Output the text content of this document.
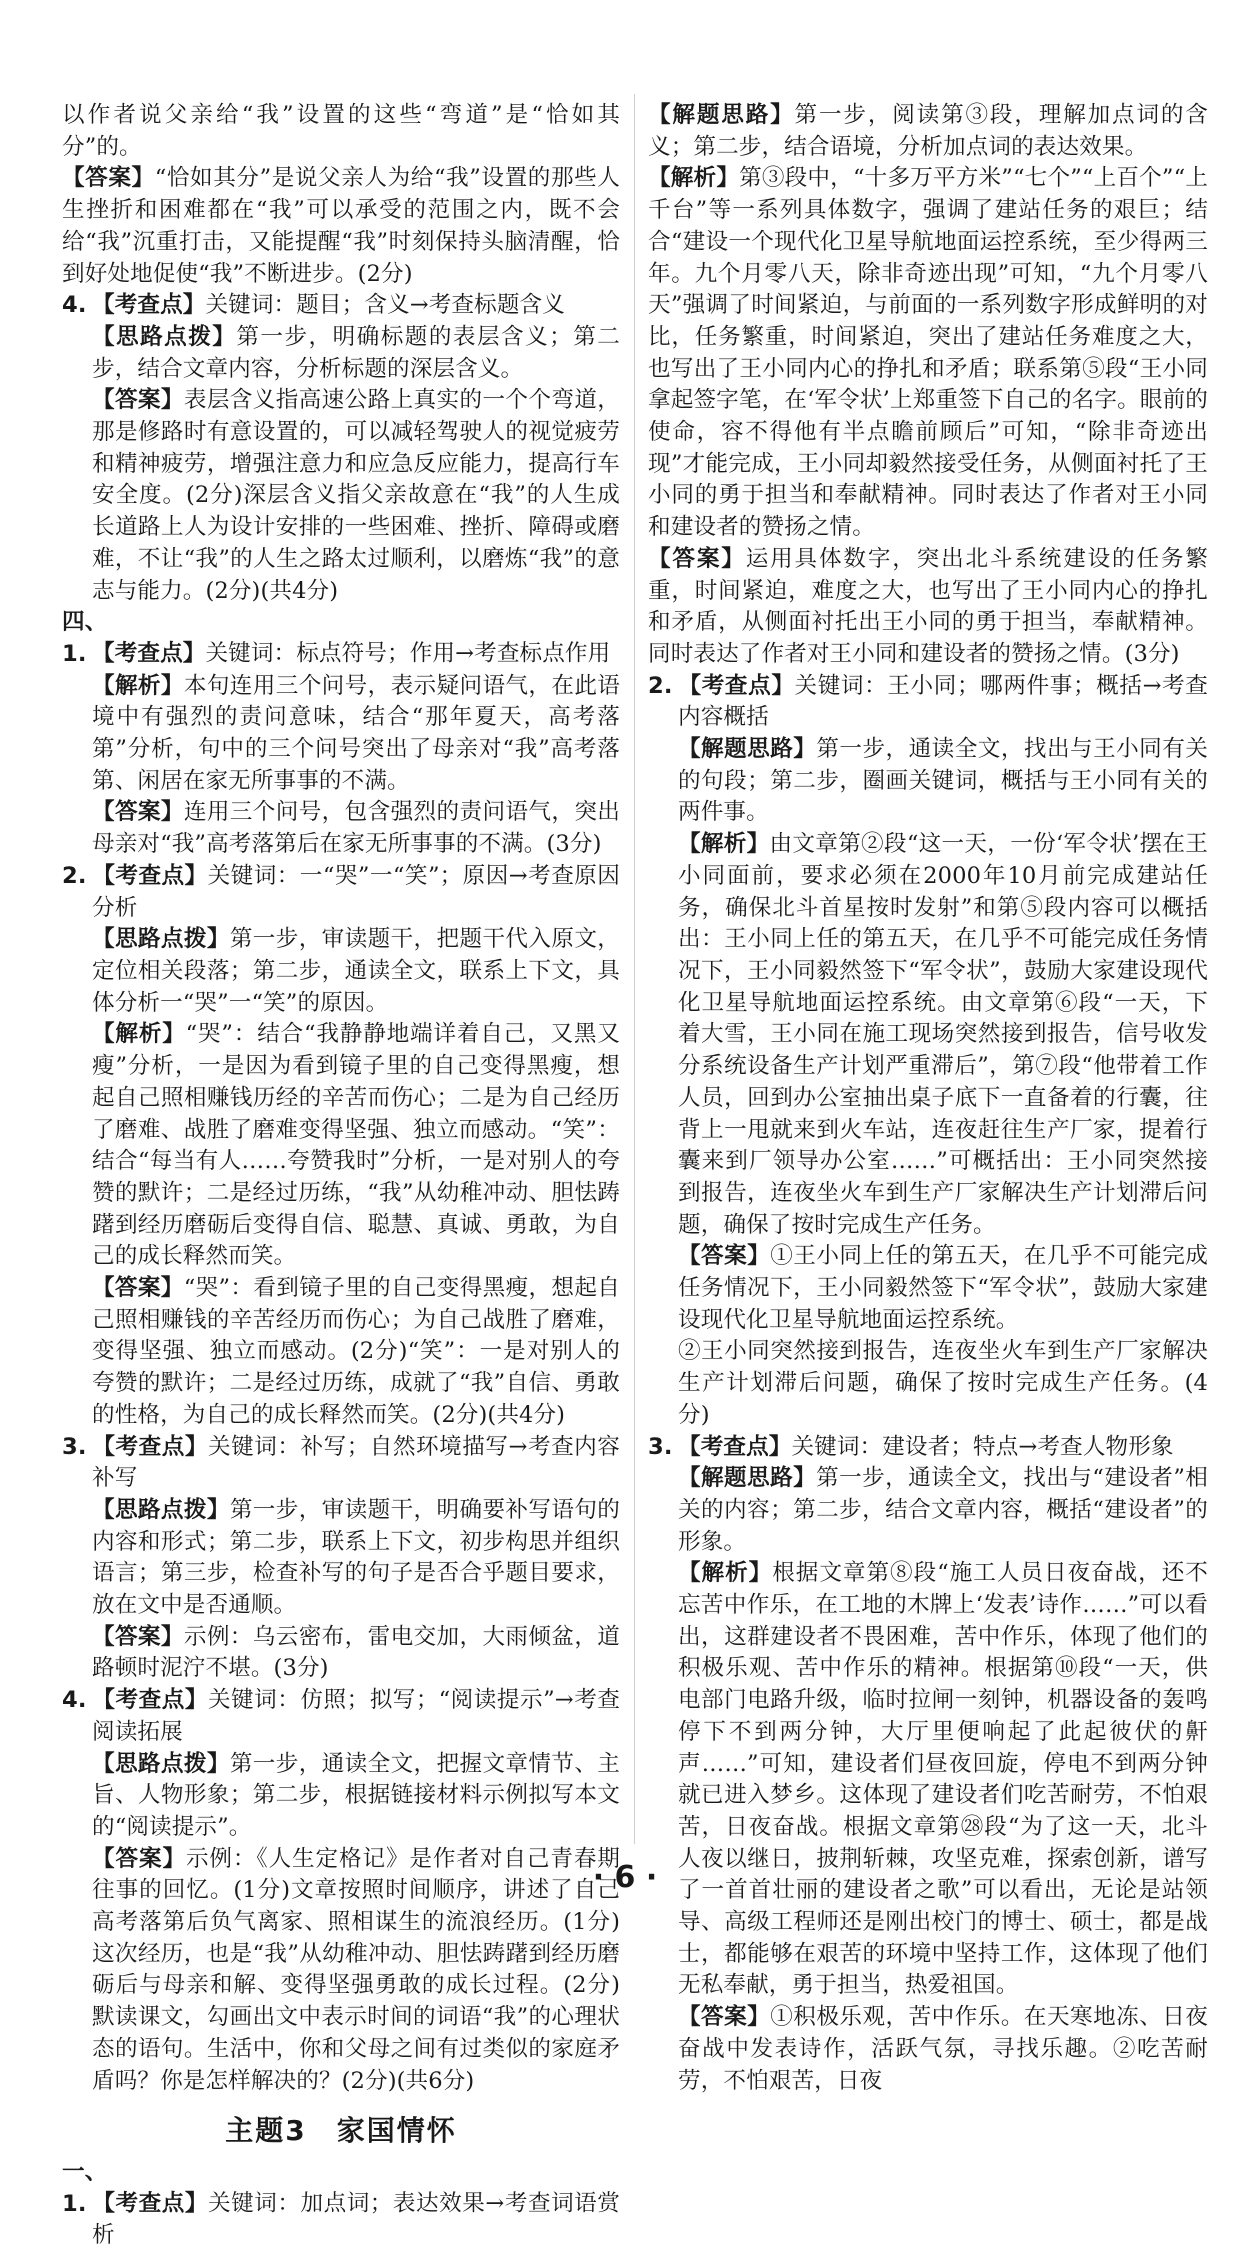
以作者说父亲给“我”设置的这些“弯道”是“恰如其分”的。

【答案】“恰如其分”是说父亲人为给“我”设置的那些人生挫折和困难都在“我”可以承受的范围之内，既不会给“我”沉重打击，又能提醒“我”时刻保持头脑清醒，恰到好处地促使“我”不断进步。(2分)

4. 【考查点】关键词：题目；含义→考查标题含义

【思路点拨】第一步，明确标题的表层含义；第二步，结合文章内容，分析标题的深层含义。

【答案】表层含义指高速公路上真实的一个个弯道，那是修路时有意设置的，可以减轻驾驶人的视觉疲劳和精神疲劳，增强注意力和应急反应能力，提高行车安全度。(2分)深层含义指父亲故意在“我”的人生成长道路上人为设计安排的一些困难、挫折、障碍或磨难，不让“我”的人生之路太过顺利，以磨炼“我”的意志与能力。(2分)(共4分)

四、1. 【考查点】关键词：标点符号；作用→考查标点作用

【解析】本句连用三个问号，表示疑问语气，在此语境中有强烈的责问意味，结合“那年夏天，高考落第”分析，句中的三个问号突出了母亲对“我”高考落第、闲居在家无所事事的不满。

【答案】连用三个问号，包含强烈的责问语气，突出母亲对“我”高考落第后在家无所事事的不满。(3分)

2. 【考查点】关键词：一“哭”一“笑”；原因→考查原因分析

【思路点拨】第一步，审读题干，把题干代入原文，定位相关段落；第二步，通读全文，联系上下文，具体分析一“哭”一“笑”的原因。

【解析】“哭”：结合“我静静地端详着自己，又黑又瘦”分析，一是因为看到镜子里的自己变得黑瘦，想起自己照相赚钱历经的辛苦而伤心；二是为自己经历了磨难、战胜了磨难变得坚强、独立而感动。“笑”：结合“每当有人……夸赞我时”分析，一是对别人的夸赞的默许；二是经过历练，“我”从幼稚冲动、胆怯踌躇到经历磨砺后变得自信、聪慧、真诚、勇敢，为自己的成长释然而笑。

【答案】“哭”：看到镜子里的自己变得黑瘦，想起自己照相赚钱的辛苦经历而伤心；为自己战胜了磨难，变得坚强、独立而感动。(2分)“笑”：一是对别人的夸赞的默许；二是经过历练，成就了“我”自信、勇敢的性格，为自己的成长释然而笑。(2分)(共4分)

3. 【考查点】关键词：补写；自然环境描写→考查内容补写

【思路点拨】第一步，审读题干，明确要补写语句的内容和形式；第二步，联系上下文，初步构思并组织语言；第三步，检查补写的句子是否合乎题目要求，放在文中是否通顺。

【答案】示例：乌云密布，雷电交加，大雨倾盆，道路顿时泥泞不堪。(3分)

4. 【考查点】关键词：仿照；拟写；“阅读提示”→考查阅读拓展

【思路点拨】第一步，通读全文，把握文章情节、主旨、人物形象；第二步，根据链接材料示例拟写本文的“阅读提示”。

【答案】示例：《人生定格记》是作者对自己青春期往事的回忆。(1分)文章按照时间顺序，讲述了自己高考落第后负气离家、照相谋生的流浪经历。(1分)这次经历，也是“我”从幼稚冲动、胆怯踌躇到经历磨砺后与母亲和解、变得坚强勇敢的成长过程。(2分)默读课文，勾画出文中表示时间的词语“我”的心理状态的语句。生活中，你和父母之间有过类似的家庭矛盾吗？你是怎样解决的？(2分)(共6分)

主题3　家国情怀

一、1. 【考查点】关键词：加点词；表达效果→考查词语赏析

【解题思路】第一步，阅读第③段，理解加点词的含义；第二步，结合语境，分析加点词的表达效果。

【解析】第③段中，“十多万平方米”“七个”“上百个”“上千台”等一系列具体数字，强调了建站任务的艰巨；结合“建设一个现代化卫星导航地面运控系统，至少得两三年。九个月零八天，除非奇迹出现”可知，“九个月零八天”强调了时间紧迫，与前面的一系列数字形成鲜明的对比，任务繁重，时间紧迫，突出了建站任务难度之大，也写出了王小同内心的挣扎和矛盾；联系第⑤段“王小同拿起签字笔，在‘军令状’上郑重签下自己的名字。眼前的使命，容不得他有半点瞻前顾后”可知，“除非奇迹出现”才能完成，王小同却毅然接受任务，从侧面衬托了王小同的勇于担当和奉献精神。同时表达了作者对王小同和建设者的赞扬之情。

【答案】运用具体数字，突出北斗系统建设的任务繁重，时间紧迫，难度之大，也写出了王小同内心的挣扎和矛盾，从侧面衬托出王小同的勇于担当，奉献精神。同时表达了作者对王小同和建设者的赞扬之情。(3分)

2. 【考查点】关键词：王小同；哪两件事；概括→考查内容概括

【解题思路】第一步，通读全文，找出与王小同有关的句段；第二步，圈画关键词，概括与王小同有关的两件事。

【解析】由文章第②段“这一天，一份‘军令状’摆在王小同面前，要求必须在2000年10月前完成建站任务，确保北斗首星按时发射”和第⑤段内容可以概括出：王小同上任的第五天，在几乎不可能完成任务情况下，王小同毅然签下“军令状”，鼓励大家建设现代化卫星导航地面运控系统。由文章第⑥段“一天，下着大雪，王小同在施工现场突然接到报告，信号收发分系统设备生产计划严重滞后”，第⑦段“他带着工作人员，回到办公室抽出桌子底下一直备着的行囊，往背上一甩就来到火车站，连夜赶往生产厂家，提着行囊来到厂领导办公室……”可概括出：王小同突然接到报告，连夜坐火车到生产厂家解决生产计划滞后问题，确保了按时完成生产任务。

【答案】①王小同上任的第五天，在几乎不可能完成任务情况下，王小同毅然签下“军令状”，鼓励大家建设现代化卫星导航地面运控系统。

②王小同突然接到报告，连夜坐火车到生产厂家解决生产计划滞后问题，确保了按时完成生产任务。(4分)

3. 【考查点】关键词：建设者；特点→考查人物形象

【解题思路】第一步，通读全文，找出与“建设者”相关的内容；第二步，结合文章内容，概括“建设者”的形象。

【解析】根据文章第⑧段“施工人员日夜奋战，还不忘苦中作乐，在工地的木牌上‘发表’诗作……”可以看出，这群建设者不畏困难，苦中作乐，体现了他们的积极乐观、苦中作乐的精神。根据第⑩段“一天，供电部门电路升级，临时拉闸一刻钟，机器设备的轰鸣停下不到两分钟，大厅里便响起了此起彼伏的鼾声……”可知，建设者们昼夜回旋，停电不到两分钟就已进入梦乡。这体现了建设者们吃苦耐劳，不怕艰苦，日夜奋战。根据文章第㉘段“为了这一天，北斗人夜以继日，披荆斩棘，攻坚克难，探索创新，谱写了一首首壮丽的建设者之歌”可以看出，无论是站领导、高级工程师还是刚出校门的博士、硕士，都是战士，都能够在艰苦的环境中坚持工作，这体现了他们无私奉献，勇于担当，热爱祖国。

【答案】①积极乐观，苦中作乐。在天寒地冻、日夜奋战中发表诗作，活跃气氛，寻找乐趣。②吃苦耐劳，不怕艰苦，日夜

· 6 ·
